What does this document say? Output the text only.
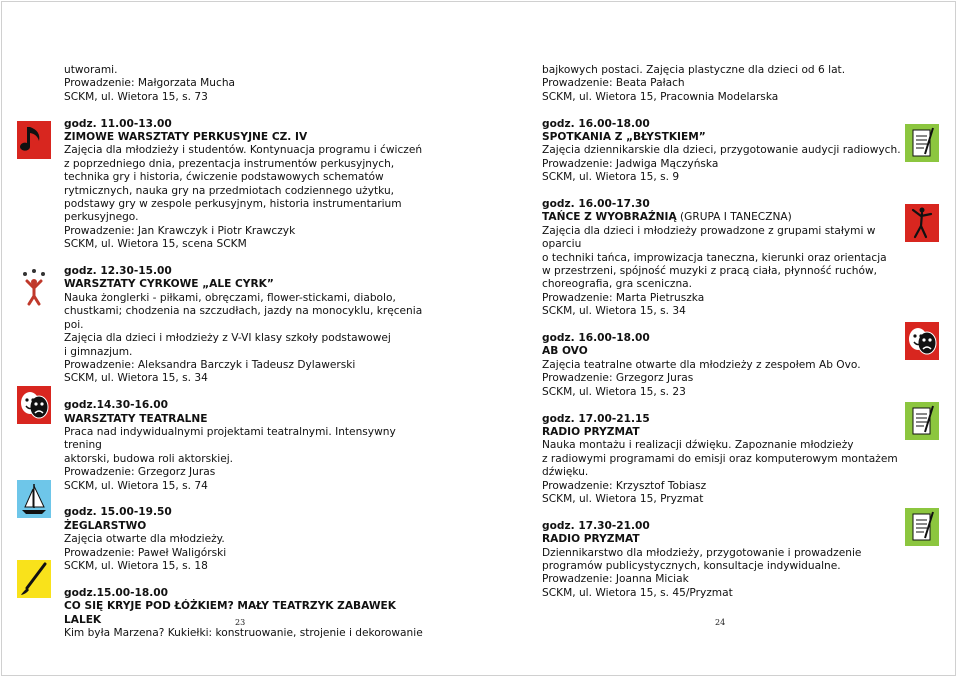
utworami.

Prowadzenie: Małgorzata Mucha

SCKM, ul. Wietora 15, s. 73

godz. 11.00-13.00

ZIMOWE WARSZTATY PERKUSYJNE CZ. IV

Zajęcia dla młodzieży i studentów. Kontynuacja programu i ćwiczeń

z poprzedniego dnia, prezentacja instrumentów perkusyjnych,

technika gry i historia, ćwiczenie podstawowych schematów

rytmicznych, nauka gry na przedmiotach codziennego użytku,

podstawy gry w zespole perkusyjnym, historia instrumentarium

perkusyjnego.

Prowadzenie: Jan Krawczyk i Piotr Krawczyk

SCKM, ul. Wietora 15, scena SCKM

godz. 12.30-15.00

WARSZTATY CYRKOWE „ALE CYRK”

Nauka żonglerki - piłkami, obręczami, flower-stickami, diabolo,

chustkami; chodzenia na szczudłach, jazdy na monocyklu, kręcenia poi.

Zajęcia dla dzieci i młodzieży z V-VI klasy szkoły podstawowej

i gimnazjum.

Prowadzenie: Aleksandra Barczyk i Tadeusz Dylawerski

SCKM, ul. Wietora 15, s. 34

godz.14.30-16.00

WARSZTATY TEATRALNE

Praca nad indywidualnymi projektami teatralnymi. Intensywny trening

aktorski, budowa roli aktorskiej.

Prowadzenie: Grzegorz Juras

SCKM, ul. Wietora 15, s. 74

godz. 15.00-19.50

ŻEGLARSTWO

Zajęcia otwarte dla młodzieży.

Prowadzenie: Paweł Waligórski

SCKM, ul. Wietora 15, s. 18

godz.15.00-18.00

CO SIĘ KRYJE POD ŁÓŻKIEM? MAŁY TEATRZYK ZABAWEK LALEK

Kim była Marzena? Kukiełki: konstruowanie, strojenie i dekorowanie

23

bajkowych postaci. Zajęcia plastyczne dla dzieci od 6 lat.

Prowadzenie: Beata Pałach

SCKM, ul. Wietora 15, Pracownia Modelarska

godz. 16.00-18.00

SPOTKANIA Z „BŁYSTKIEM”

Zajęcia dziennikarskie dla dzieci, przygotowanie audycji radiowych.

Prowadzenie: Jadwiga Mączyńska

SCKM, ul. Wietora 15, s. 9

godz. 16.00-17.30

TAŃCE Z WYOBRAŹNIĄ (GRUPA I TANECZNA)

Zajęcia dla dzieci i młodzieży prowadzone z grupami stałymi w oparciu

o techniki tańca, improwizacja taneczna, kierunki oraz orientacja

w przestrzeni, spójność muzyki z pracą ciała, płynność ruchów,

choreografia, gra sceniczna.

Prowadzenie: Marta Pietruszka

SCKM, ul. Wietora 15, s. 34

godz. 16.00-18.00

AB OVO

Zajęcia teatralne otwarte dla młodzieży z zespołem Ab Ovo.

Prowadzenie: Grzegorz Juras

SCKM, ul. Wietora 15, s. 23

godz. 17.00-21.15

RADIO PRYZMAT

Nauka montażu i realizacji dźwięku. Zapoznanie młodzieży

z radiowymi programami do emisji oraz komputerowym montażem

dźwięku.

Prowadzenie: Krzysztof Tobiasz

SCKM, ul. Wietora 15, Pryzmat

godz. 17.30-21.00

RADIO PRYZMAT

Dziennikarstwo dla młodzieży, przygotowanie i prowadzenie

programów publicystycznych, konsultacje indywidualne.

Prowadzenie: Joanna Miciak

SCKM, ul. Wietora 15, s. 45/Pryzmat

24
